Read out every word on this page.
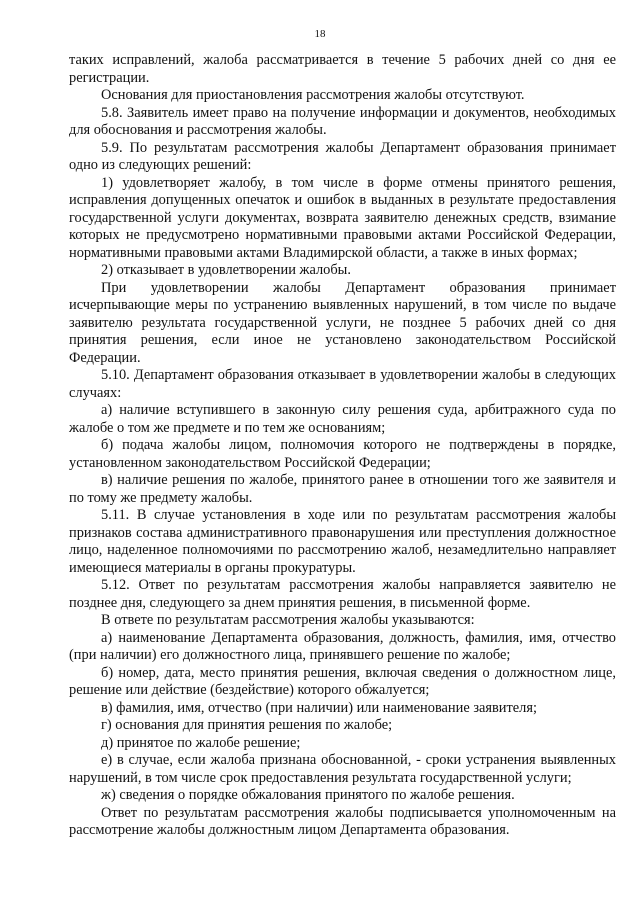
18

таких исправлений, жалоба рассматривается в течение 5 рабочих дней со дня ее регистрации.

Основания для приостановления рассмотрения жалобы отсутствуют.

5.8. Заявитель имеет право на получение информации и документов, необходимых для обоснования и рассмотрения жалобы.

5.9. По результатам рассмотрения жалобы Департамент образования принимает одно из следующих решений:

1) удовлетворяет жалобу, в том числе в форме отмены принятого решения, исправления допущенных опечаток и ошибок в выданных в результате предоставления государственной услуги документах, возврата заявителю денежных средств, взимание которых не предусмотрено нормативными правовыми актами Российской Федерации, нормативными правовыми актами Владимирской области, а также в иных формах;

2) отказывает в удовлетворении жалобы.

При удовлетворении жалобы Департамент образования принимает исчерпывающие меры по устранению выявленных нарушений, в том числе по выдаче заявителю результата государственной услуги, не позднее 5 рабочих дней со дня принятия решения, если иное не установлено законодательством Российской Федерации.

5.10. Департамент образования отказывает в удовлетворении жалобы в следующих случаях:

а) наличие вступившего в законную силу решения суда, арбитражного суда по жалобе о том же предмете и по тем же основаниям;

б) подача жалобы лицом, полномочия которого не подтверждены в порядке, установленном законодательством Российской Федерации;

в) наличие решения по жалобе, принятого ранее в отношении того же заявителя и по тому же предмету жалобы.

5.11. В случае установления в ходе или по результатам рассмотрения жалобы признаков состава административного правонарушения или преступления должностное лицо, наделенное полномочиями по рассмотрению жалоб, незамедлительно направляет имеющиеся материалы в органы прокуратуры.

5.12. Ответ по результатам рассмотрения жалобы направляется заявителю не позднее дня, следующего за днем принятия решения, в письменной форме.

В ответе по результатам рассмотрения жалобы указываются:

а) наименование Департамента образования, должность, фамилия, имя, отчество (при наличии) его должностного лица, принявшего решение по жалобе;

б) номер, дата, место принятия решения, включая сведения о должностном лице, решение или действие (бездействие) которого обжалуется;

в) фамилия, имя, отчество (при наличии) или наименование заявителя;

г) основания для принятия решения по жалобе;

д) принятое по жалобе решение;

е) в случае, если жалоба признана обоснованной, - сроки устранения выявленных нарушений, в том числе срок предоставления результата государственной услуги;

ж) сведения о порядке обжалования принятого по жалобе решения.

Ответ по результатам рассмотрения жалобы подписывается уполномоченным на рассмотрение жалобы должностным лицом Департамента образования.
